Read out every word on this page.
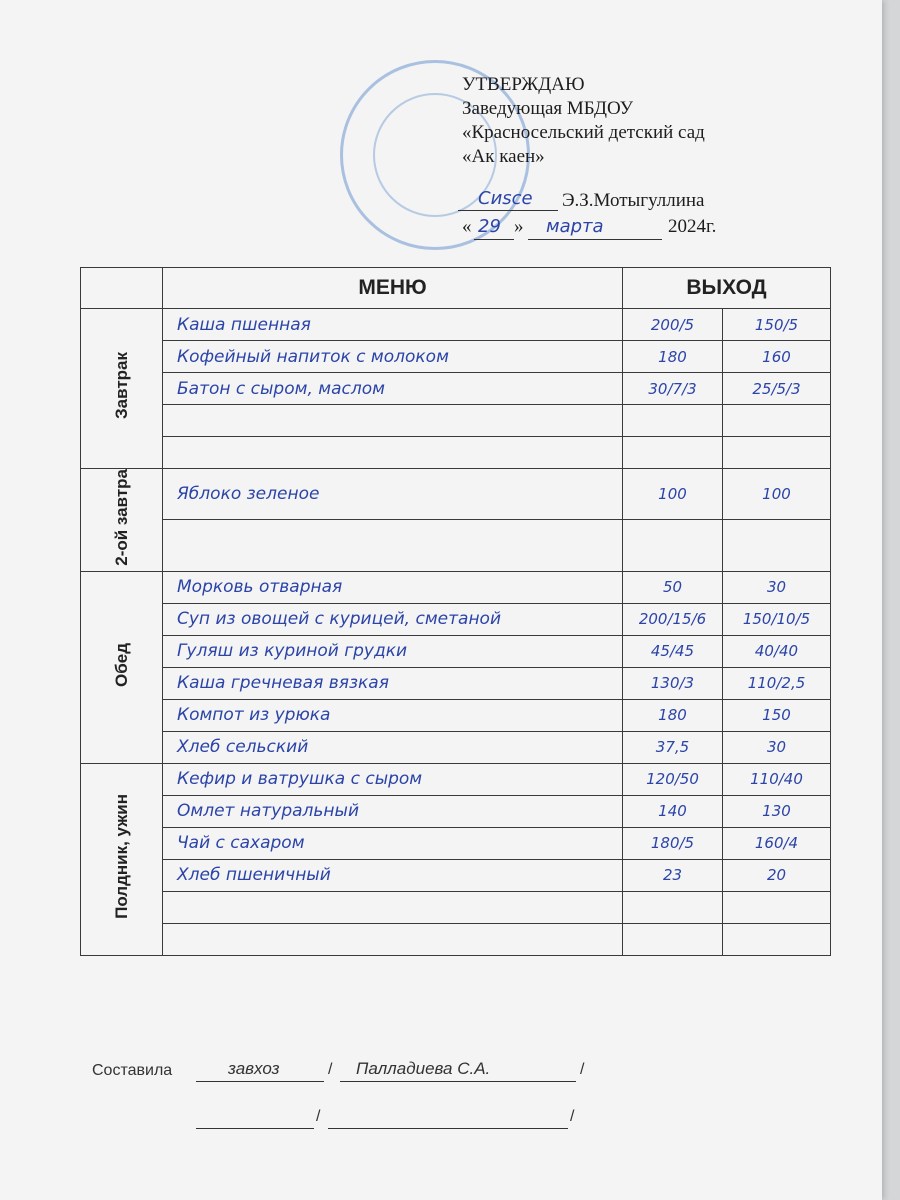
УТВЕРЖДАЮ
Заведующая МБДОУ
«Красносельский детский сад
«Ак каен»
Сиѕсе Э.З.Мотыгуллина
« 29 » марта	2024г.
	МЕНЮ	ВЫХОД	
Завтрак	Каша пшенная	200/5	150/5
	Кофейный напиток с молоком	180	160
	Батон с сыром, маслом	30/7/3	25/5/3

2-ой завтра	Яблоко зеленое	100	100

Обед	Морковь отварная	50	30
	Суп из овощей с курицей, сметаной	200/15/6	150/10/5
	Гуляш из куриной грудки	45/45	40/40
	Каша гречневая вязкая	130/3	110/2,5
	Компот из урюка	180	150
	Хлеб сельский	37,5	30
Полдник, ужин	Кефир и ватрушка с сыром	120/50	110/40
	Омлет натуральный	140	130
	Чай с сахаром	180/5	160/4
	Хлеб пшеничный	23	20

Составила	завхоз	/ Палладиева С.А.	/
/	/
